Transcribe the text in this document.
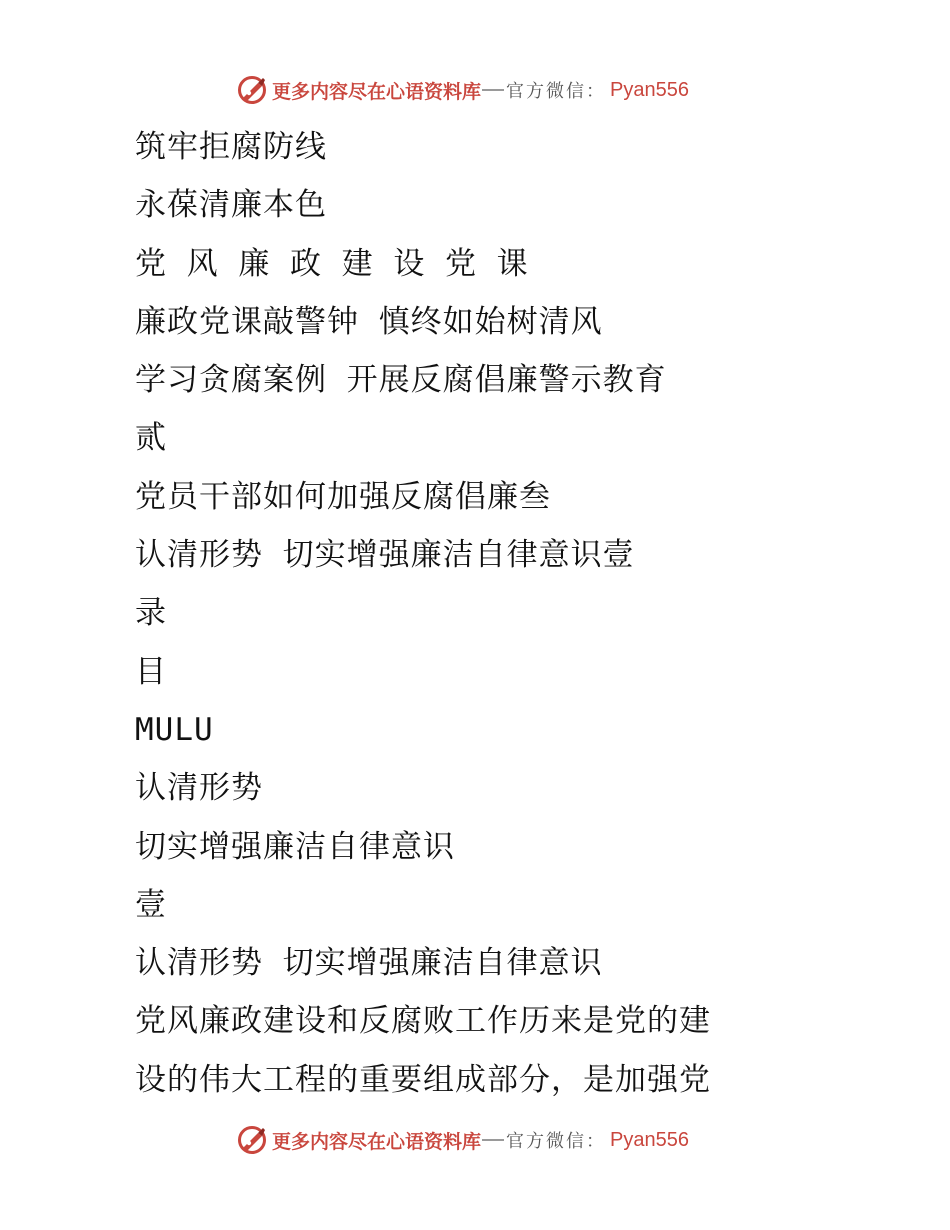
更多内容尽在心语资料库 官方微信： Pyan556
筑牢拒腐防线
永葆清廉本色
党 风 廉 政 建 设 党 课
廉政党课敲警钟 慎终如始树清风
学习贪腐案例 开展反腐倡廉警示教育
贰
党员干部如何加强反腐倡廉叁
认清形势 切实增强廉洁自律意识壹
录
目
MULU
认清形势
切实增强廉洁自律意识
壹
认清形势 切实增强廉洁自律意识
党风廉政建设和反腐败工作历来是党的建
设的伟大工程的重要组成部分，是加强党
更多内容尽在心语资料库 官方微信： Pyan556
